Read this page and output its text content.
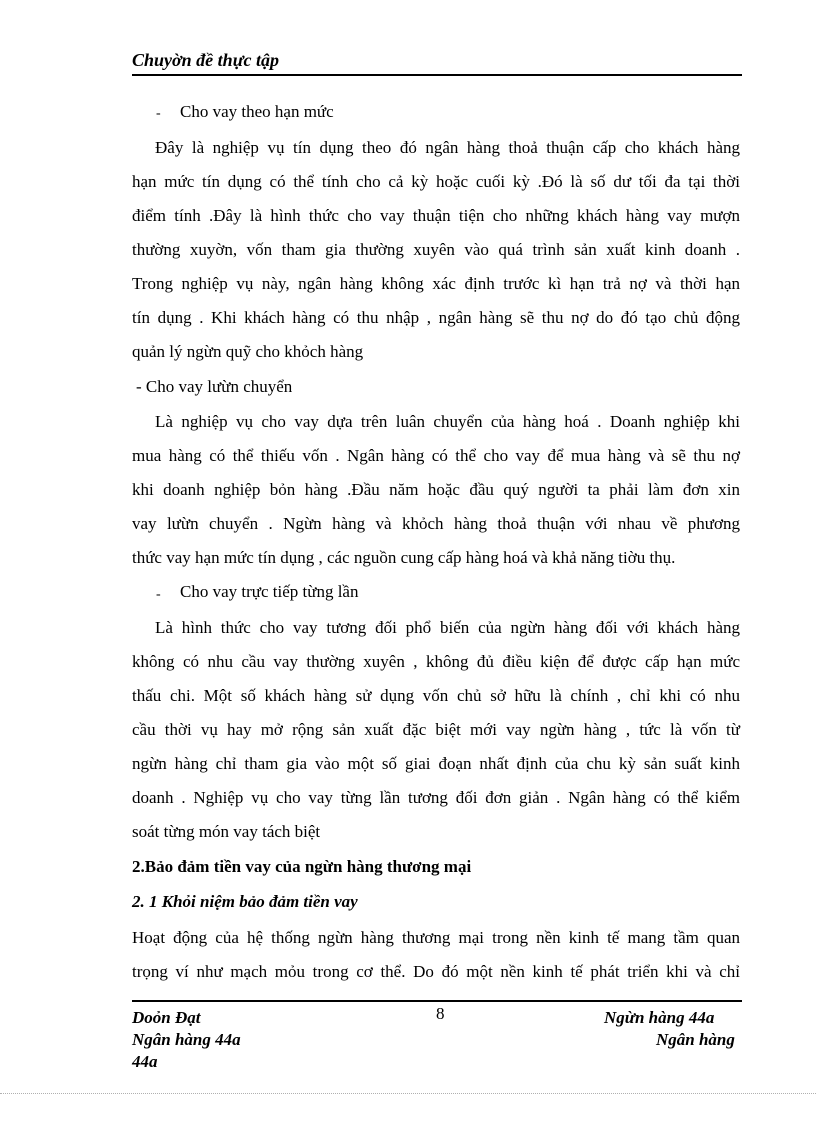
Chuyờn đề thực tập
- Cho vay theo hạn mức
Đây là nghiệp vụ tín dụng theo đó ngân hàng thoả thuận cấp cho khách hàng
hạn mức tín dụng có thể tính cho cả kỳ hoặc cuối kỳ .Đó là số dư tối đa tại thời
điểm tính .Đây là hình thức cho vay thuận tiện cho những khách hàng vay mượn
thường xuyờn, vốn tham gia thường xuyên vào quá trình sản xuất kinh doanh .
Trong nghiệp vụ này, ngân hàng không xác định trước kì hạn trả nợ và thời hạn
tín dụng . Khi khách hàng có thu nhập , ngân hàng sẽ thu nợ do đó tạo chủ động
quản lý ngừn quỹ cho khỏch hàng
- Cho vay lưừn chuyển
Là nghiệp vụ cho vay dựa trên luân chuyển của hàng hoá . Doanh nghiệp khi
mua hàng có thể thiếu vốn . Ngân hàng có thể cho vay để mua hàng và sẽ thu nợ
khi doanh nghiệp bỏn hàng .Đầu năm hoặc đầu quý người ta phải làm đơn xin
vay lưừn chuyển . Ngừn hàng và khỏch hàng thoả thuận với nhau về phương
thức vay hạn mức tín dụng , các nguồn cung cấp hàng hoá và khả năng tiờu thụ.
- Cho vay trực tiếp từng lần
Là hình thức cho vay tương đối phổ biến của ngừn hàng đối với khách hàng
không có nhu cầu vay thường xuyên , không đủ điều kiện để được cấp hạn mức
thấu chi. Một số khách hàng sử dụng vốn chủ sở hữu là chính , chỉ khi có nhu
cầu thời vụ hay mở rộng sản xuất đặc biệt mới vay ngừn hàng , tức là vốn từ
ngừn hàng chỉ tham gia vào một số giai đoạn nhất định của chu kỳ sản suất kinh
doanh . Nghiệp vụ cho vay từng lần tương đối đơn giản . Ngân hàng có thể kiểm
soát từng món vay tách biệt
2.Bảo đảm tiền vay của ngừn hàng thương mại
2. 1 Khỏi niệm bảo đảm tiền vay
Hoạt động của hệ thống ngừn hàng thương mại trong nền kinh tế mang tầm quan
trọng ví như mạch mỏu trong cơ thể. Do đó một nền kinh tế phát triển khi và chỉ
Doỏn Đạt	8	Ngừn hàng 44a
Ngân hàng 44a	Ngân hàng
44a
